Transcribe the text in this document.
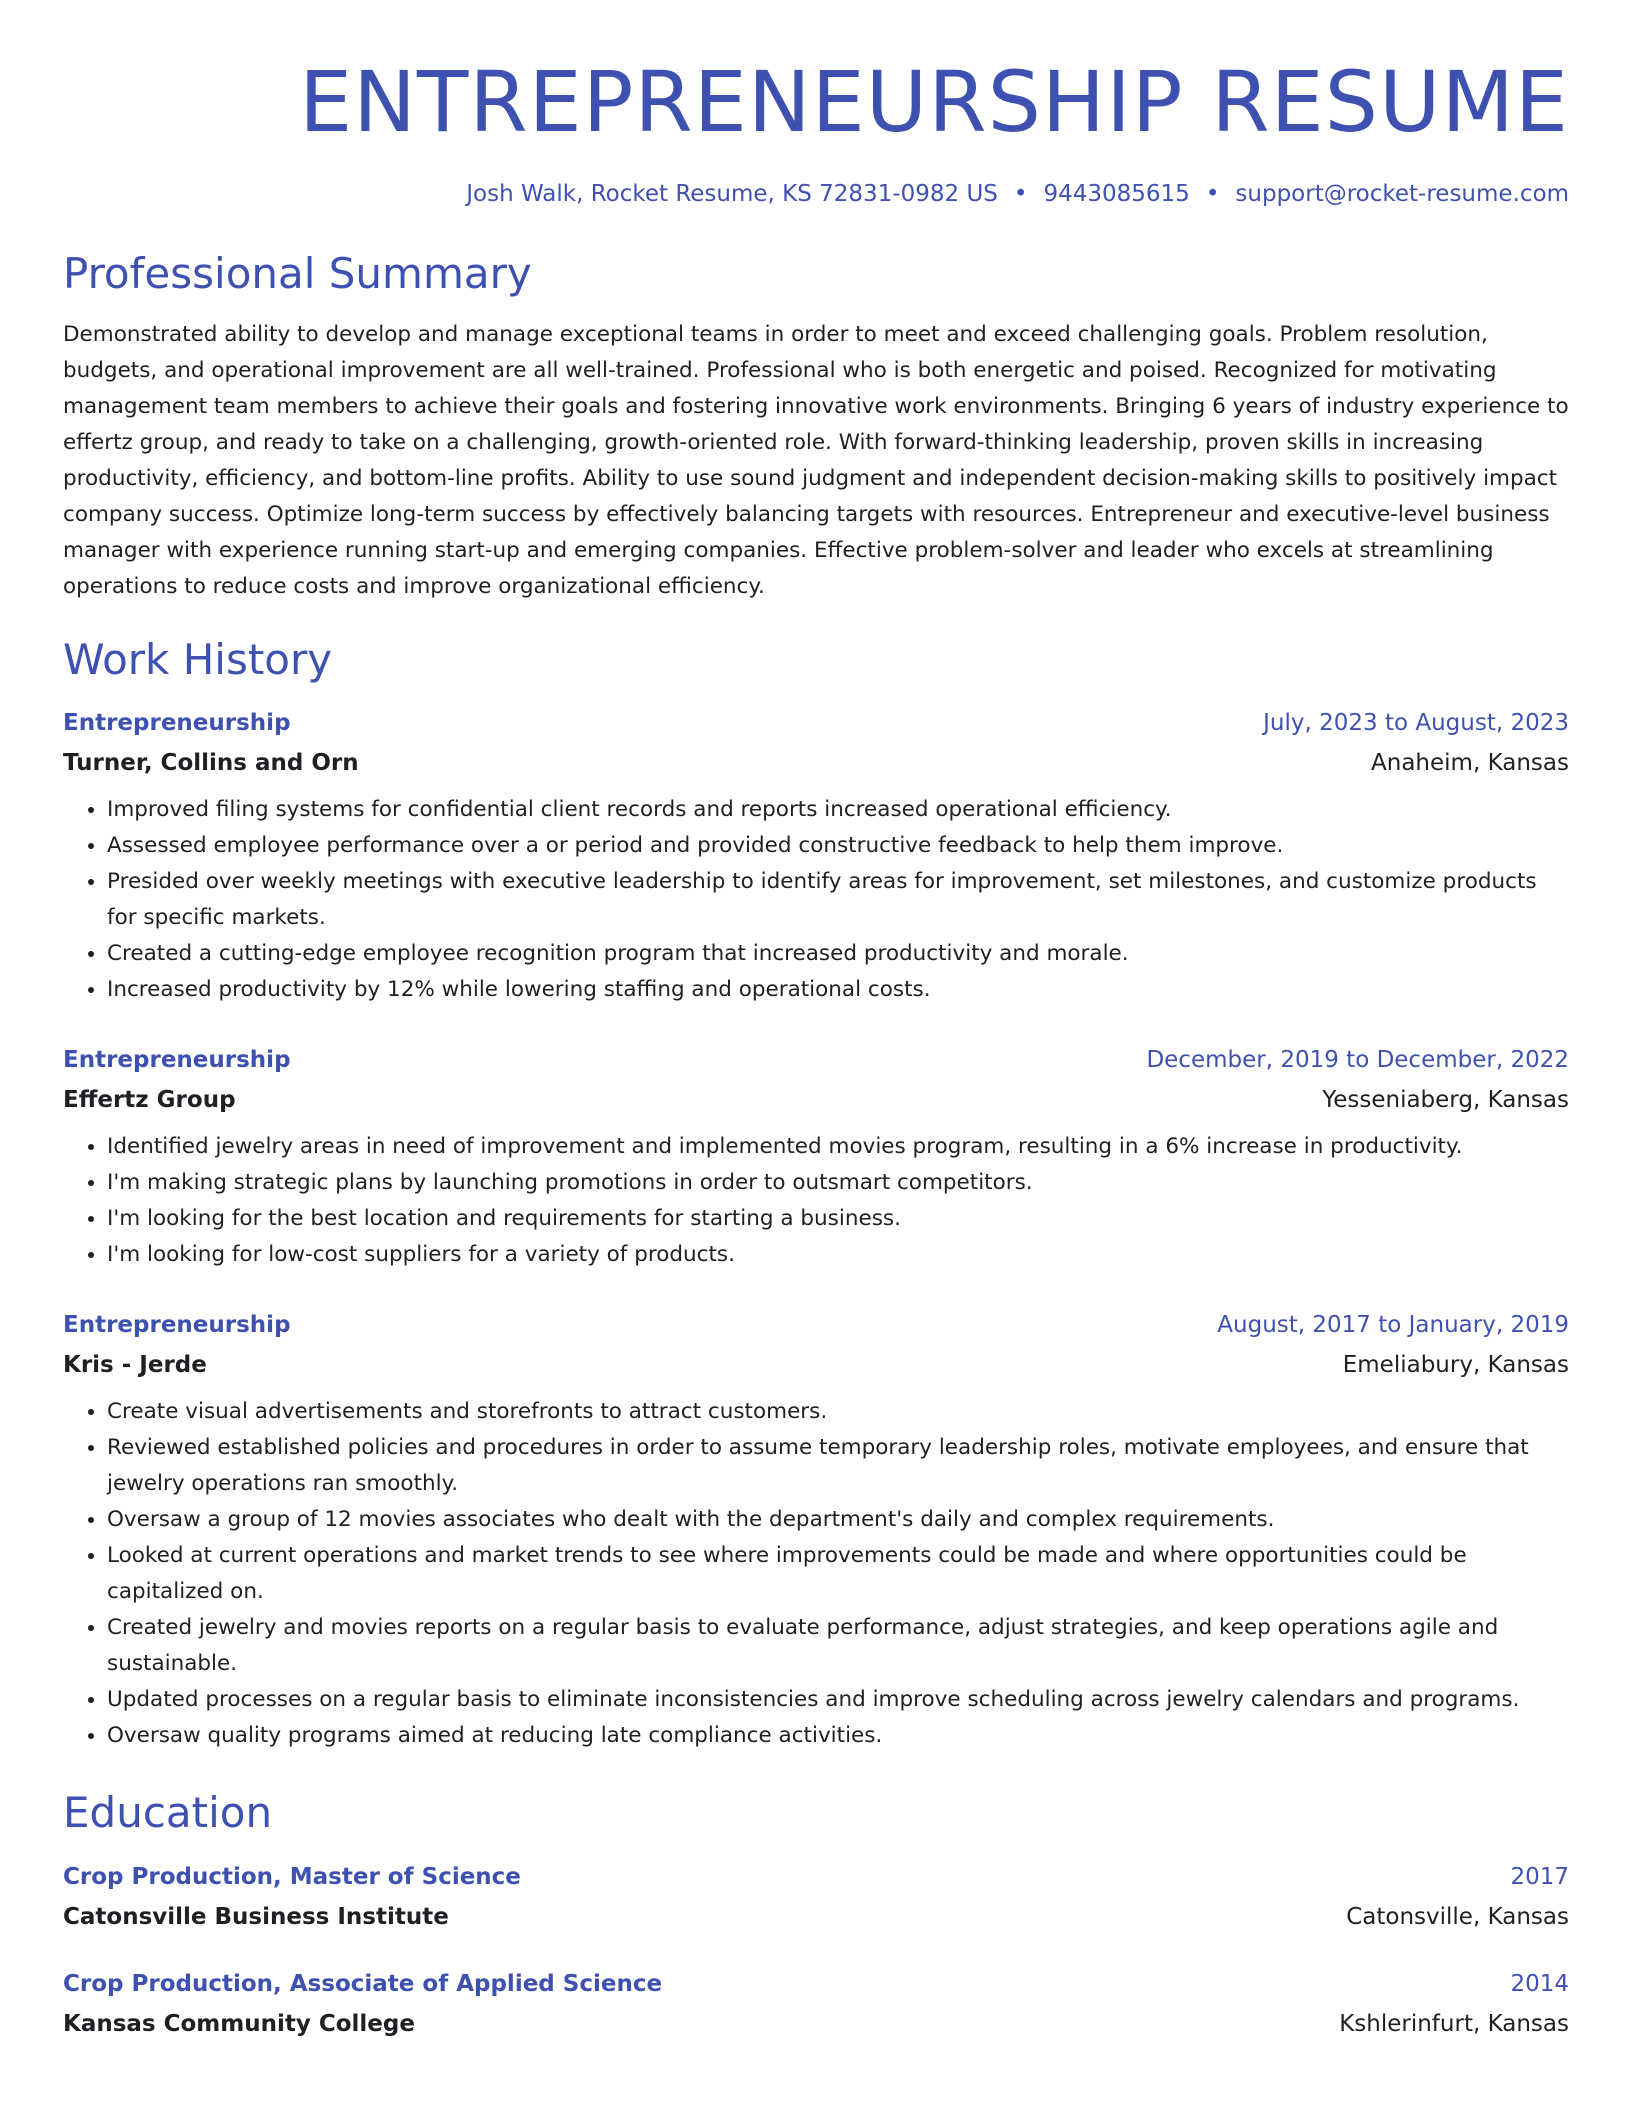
ENTREPRENEURSHIP RESUME
Josh Walk, Rocket Resume, KS 72831-0982 US • 9443085615 • support@rocket-resume.com
Professional Summary

Demonstrated ability to develop and manage exceptional teams in order to meet and exceed challenging goals. Problem resolution, budgets, and operational improvement are all well-trained. Professional who is both energetic and poised. Recognized for motivating management team members to achieve their goals and fostering innovative work environments. Bringing 6 years of industry experience to effertz group, and ready to take on a challenging, growth-oriented role. With forward-thinking leadership, proven skills in increasing productivity, efficiency, and bottom-line profits. Ability to use sound judgment and independent decision-making skills to positively impact company success. Optimize long-term success by effectively balancing targets with resources. Entrepreneur and executive-level business manager with experience running start-up and emerging companies. Effective problem-solver and leader who excels at streamlining operations to reduce costs and improve organizational efficiency.

Work History
Entrepreneurship	July, 2023 to August, 2023
Turner, Collins and Orn	Anaheim, Kansas
• Improved filing systems for confidential client records and reports increased operational efficiency.
• Assessed employee performance over a or period and provided constructive feedback to help them improve.
• Presided over weekly meetings with executive leadership to identify areas for improvement, set milestones, and customize products for specific markets.
• Created a cutting-edge employee recognition program that increased productivity and morale.
• Increased productivity by 12% while lowering staffing and operational costs.
Entrepreneurship	December, 2019 to December, 2022
Effertz Group	Yesseniaberg, Kansas
• Identified jewelry areas in need of improvement and implemented movies program, resulting in a 6% increase in productivity.
• I'm making strategic plans by launching promotions in order to outsmart competitors.
• I'm looking for the best location and requirements for starting a business.
• I'm looking for low-cost suppliers for a variety of products.
Entrepreneurship	August, 2017 to January, 2019
Kris - Jerde	Emeliabury, Kansas
• Create visual advertisements and storefronts to attract customers.
• Reviewed established policies and procedures in order to assume temporary leadership roles, motivate employees, and ensure that jewelry operations ran smoothly.
• Oversaw a group of 12 movies associates who dealt with the department's daily and complex requirements.
• Looked at current operations and market trends to see where improvements could be made and where opportunities could be capitalized on.
• Created jewelry and movies reports on a regular basis to evaluate performance, adjust strategies, and keep operations agile and sustainable.
• Updated processes on a regular basis to eliminate inconsistencies and improve scheduling across jewelry calendars and programs.
• Oversaw quality programs aimed at reducing late compliance activities.
Education
Crop Production, Master of Science	2017
Catonsville Business Institute	Catonsville, Kansas
Crop Production, Associate of Applied Science	2014
Kansas Community College	Kshlerinfurt, Kansas
